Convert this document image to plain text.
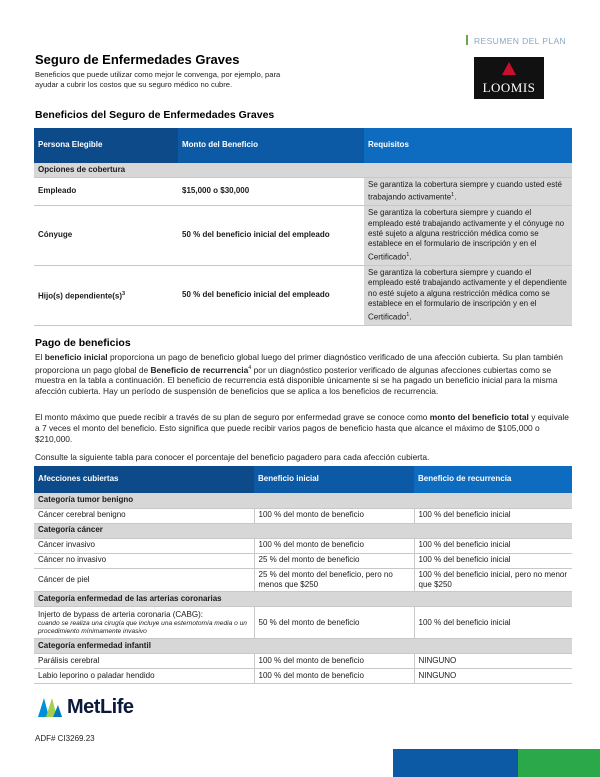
RESUMEN DEL PLAN
LOOMIS
Seguro de Enfermedades Graves
Beneficios que puede utilizar como mejor le convenga, por ejemplo, para ayudar a cubrir los costos que su seguro médico no cubre.
Beneficios del Seguro de Enfermedades Graves
Persona Elegible	Monto del Beneficio	Requisitos
Opciones de cobertura		
Empleado	$15,000 o $30,000	Se garantiza la cobertura siempre y cuando usted esté trabajando activamente$^1$.
Cónyuge	50 % del beneficio inicial del empleado	Se garantiza la cobertura siempre y cuando el empleado esté trabajando activamente y el cónyuge no esté sujeto a alguna restricción médica como se establece en el formulario de inscripción y en el Certificado$^1$.
Hijo(s) $dependiente(s)^3$	50 % del beneficio inicial del empleado	Se garantiza la cobertura siempre y cuando el empleado esté trabajando activamente y el dependiente no esté sujeto a alguna restricción médica como se establece en el formulario de inscripción y en el Certificado$^1$.
Pago de beneficios
El beneficio inicial proporciona un pago de beneficio global luego del primer diagnóstico verificado de una afección cubierta. Su plan también proporciona un pago global de Beneficio de recurrencia$^4$ por un diagnóstico posterior verificado de algunas afecciones cubiertas como se muestra en la tabla a continuación. El beneficio de recurrencia está disponible únicamente si se ha pagado un beneficio inicial para la misma afección cubierta. Hay un período de suspensión de beneficios que se aplica a los beneficios de recurrencia.
El monto máximo que puede recibir a través de su plan de seguro por enfermedad grave se conoce como monto del beneficio total y equivale a 7 veces el monto del beneficio. Esto significa que puede recibir varios pagos de beneficio hasta que alcance el máximo de $105,000 o $210,000.
Consulte la siguiente tabla para conocer el porcentaje del beneficio pagadero para cada afección cubierta.
Afecciones cubiertas	Beneficio inicial	Beneficio de recurrencia
Categoría tumor benigno		
Cáncer cerebral benigno	100 % del monto de beneficio	100 % del beneficio inicial
Categoría cáncer		
Cáncer invasivo	100 % del monto de beneficio	100 % del beneficio inicial
Cáncer no invasivo	25 % del monto de beneficio	100 % del beneficio inicial
Cáncer de piel	25 % del monto del beneficio, pero no menos que $250	100 % del beneficio inicial, pero no menor que $250
Categoría enfermedad de las arterias coronarias		
Injerto de bypass de arteria coronaria (CABG):
cuando se realiza una cirugía que incluye una esternotomía media o un procedimiento mínimamente invasivo	50 % del monto de beneficio	100 % del beneficio inicial
Categoría enfermedad infantil		
Parálisis cerebral	100 % del monto de beneficio	NINGUNO
Labio leporino o paladar hendido	100 % del monto de beneficio	NINGUNO
MetLife
ADF# CI3269.23
